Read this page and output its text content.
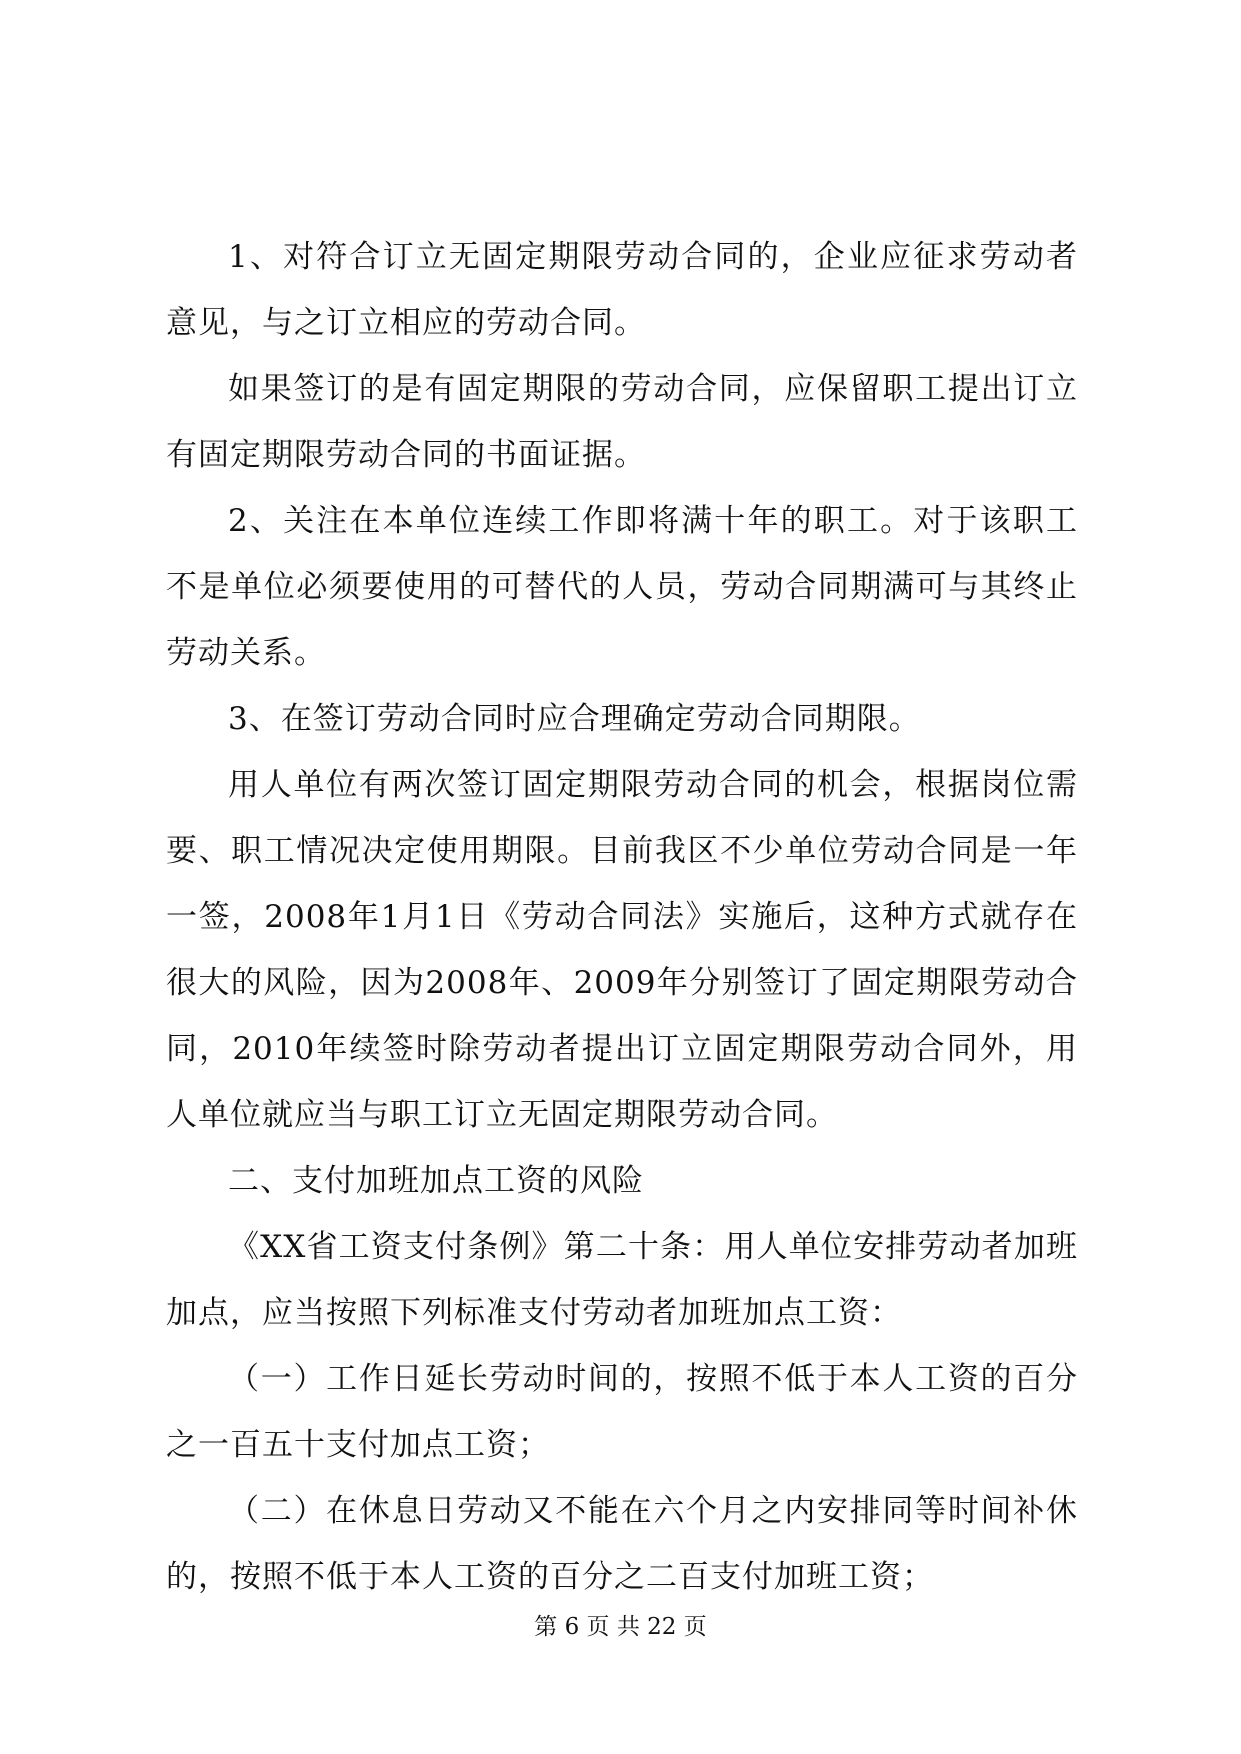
1、对符合订立无固定期限劳动合同的，企业应征求劳动者意见，与之订立相应的劳动合同。

如果签订的是有固定期限的劳动合同，应保留职工提出订立有固定期限劳动合同的书面证据。

2、关注在本单位连续工作即将满十年的职工。对于该职工不是单位必须要使用的可替代的人员，劳动合同期满可与其终止劳动关系。

3、在签订劳动合同时应合理确定劳动合同期限。

用人单位有两次签订固定期限劳动合同的机会，根据岗位需要、职工情况决定使用期限。目前我区不少单位劳动合同是一年一签，2008年1月1日《劳动合同法》实施后，这种方式就存在很大的风险，因为2008年、2009年分别签订了固定期限劳动合同，2010年续签时除劳动者提出订立固定期限劳动合同外，用人单位就应当与职工订立无固定期限劳动合同。

二、支付加班加点工资的风险

《XX省工资支付条例》第二十条：用人单位安排劳动者加班加点，应当按照下列标准支付劳动者加班加点工资：

（一）工作日延长劳动时间的，按照不低于本人工资的百分之一百五十支付加点工资；

（二）在休息日劳动又不能在六个月之内安排同等时间补休的，按照不低于本人工资的百分之二百支付加班工资；

第 6 页 共 22 页
